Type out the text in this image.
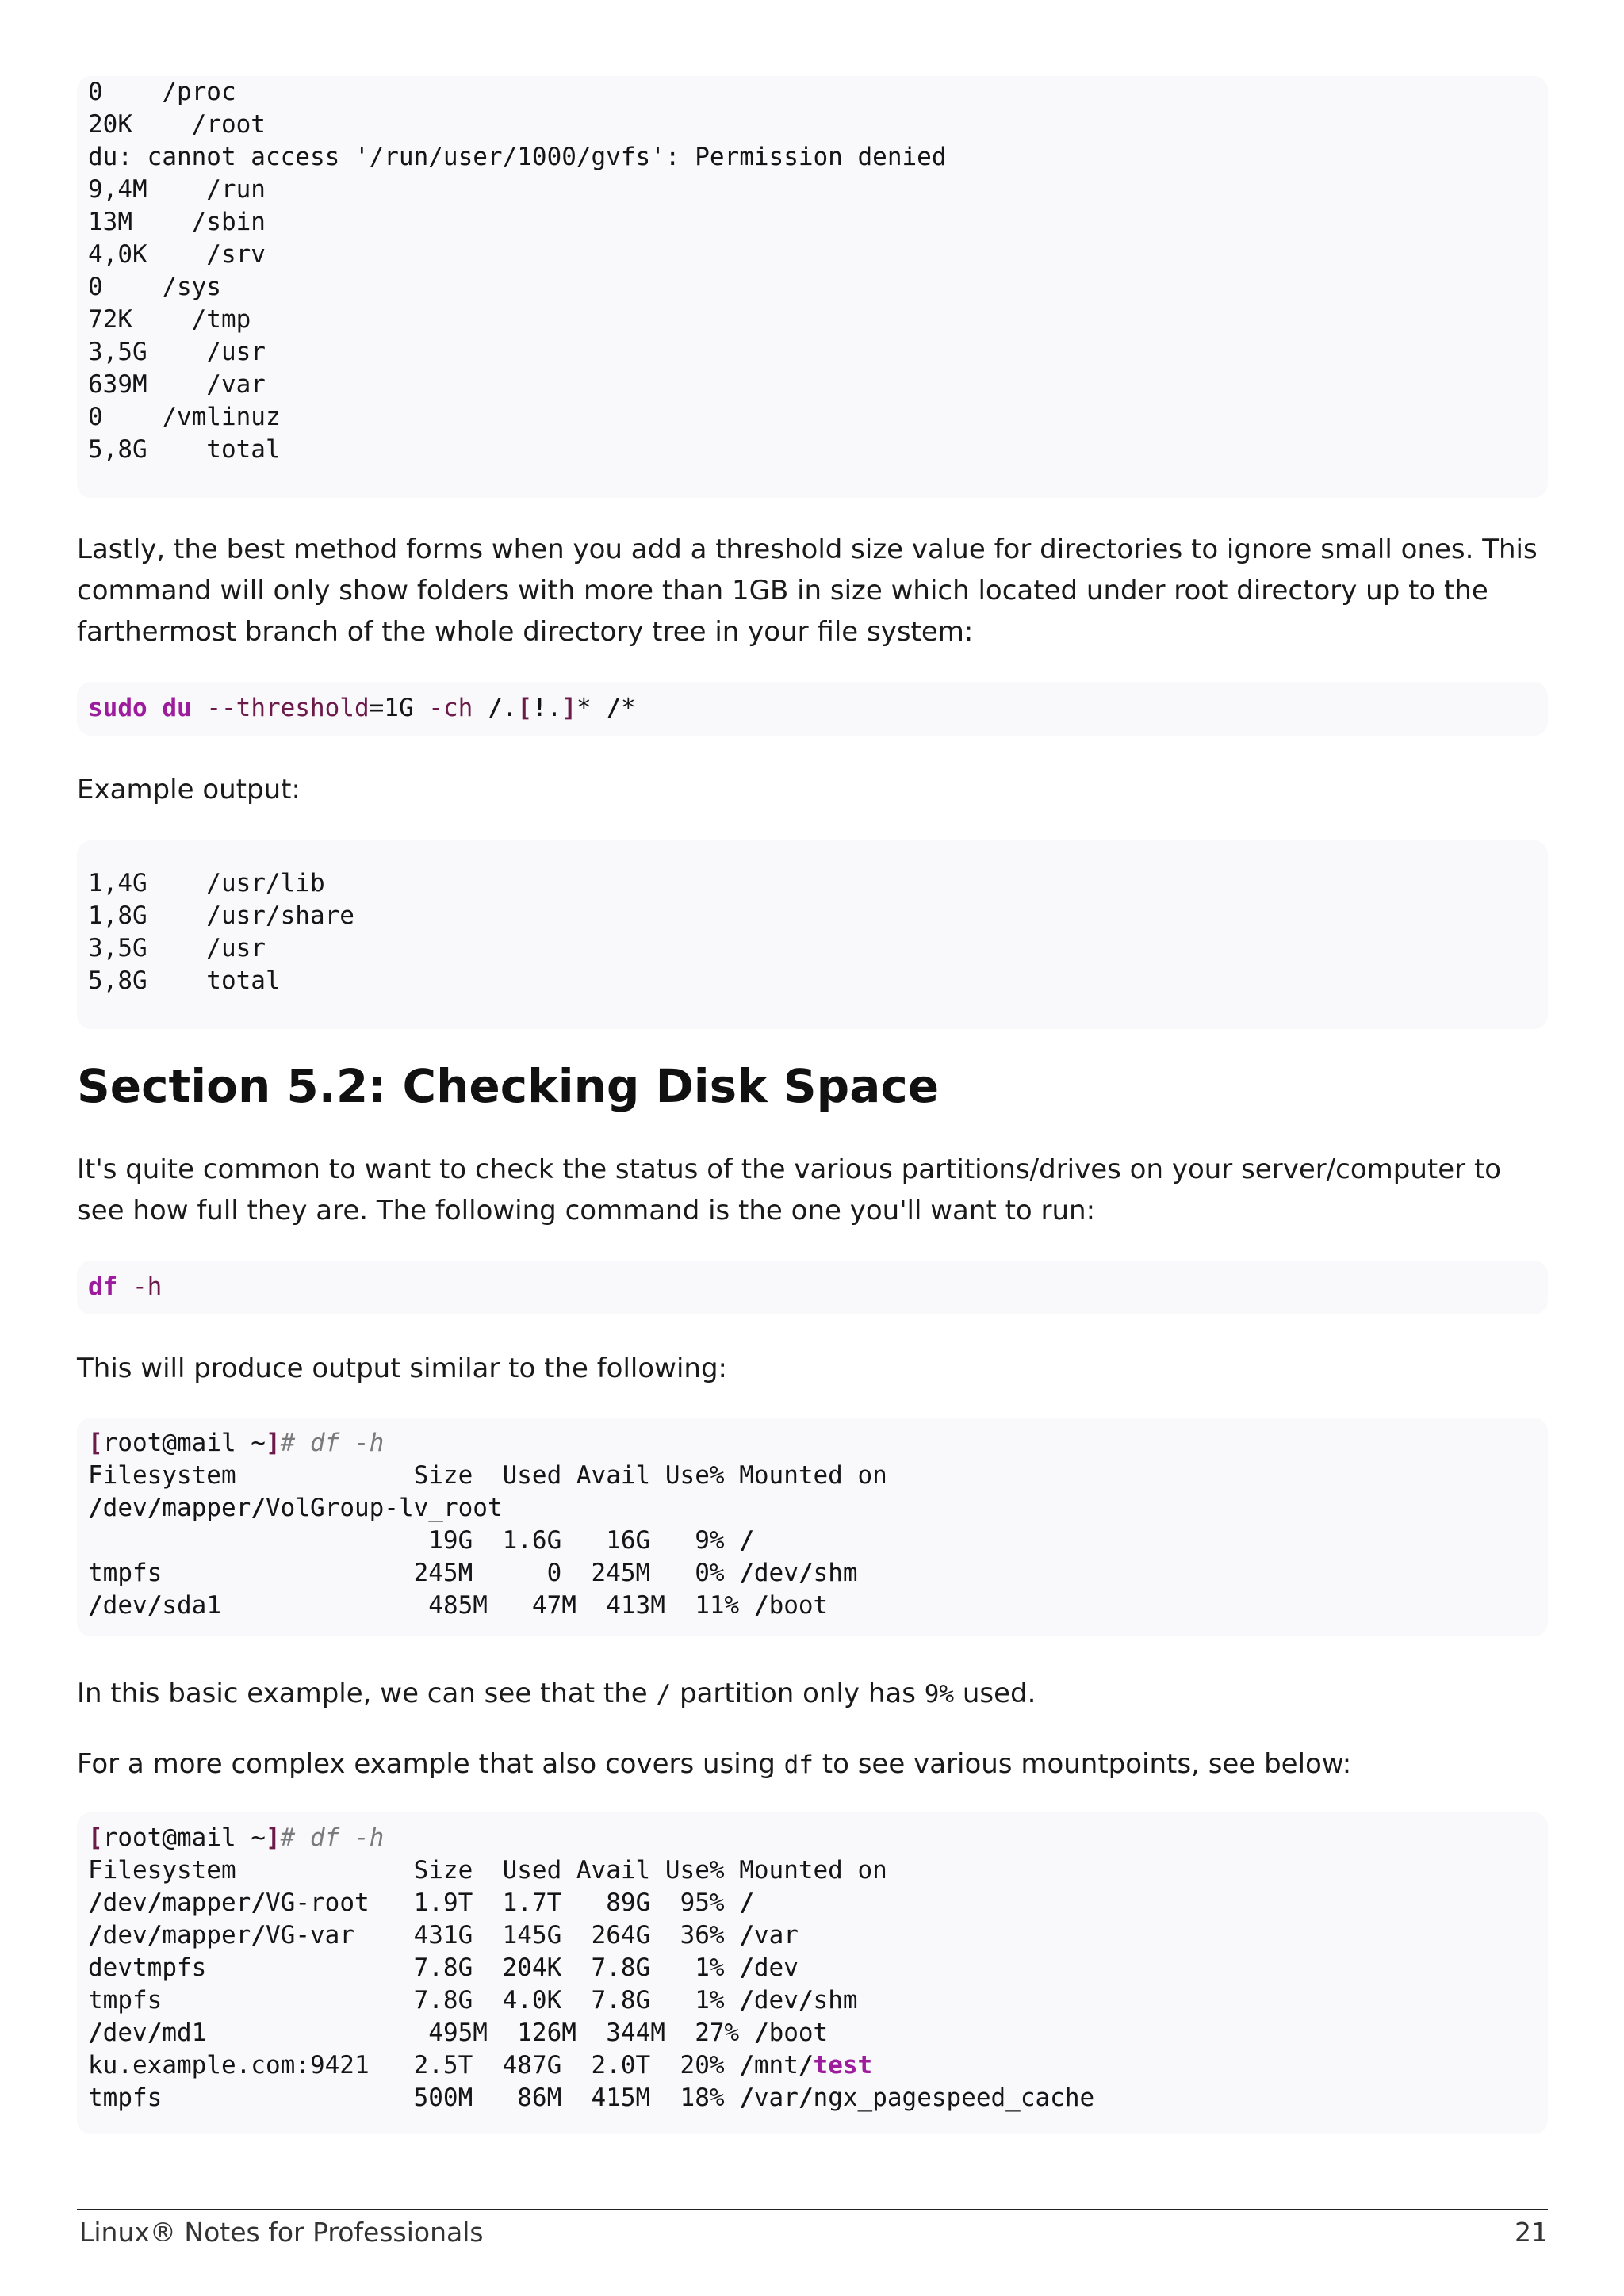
0    /proc
20K    /root
du: cannot access '/run/user/1000/gvfs': Permission denied
9,4M    /run
13M    /sbin
4,0K    /srv
0    /sys
72K    /tmp
3,5G    /usr
639M    /var
0    /vmlinuz
5,8G    total
Lastly, the best method forms when you add a threshold size value for directories to ignore small ones. This command will only show folders with more than 1GB in size which located under root directory up to the farthermost branch of the whole directory tree in your file system:
sudo du --threshold=1G -ch /.[!.]* /*
Example output:
1,4G    /usr/lib
1,8G    /usr/share
3,5G    /usr
5,8G    total
Section 5.2: Checking Disk Space
It's quite common to want to check the status of the various partitions/drives on your server/computer to see how full they are. The following command is the one you'll want to run:
df -h
This will produce output similar to the following:
[root@mail ~]# df -h
Filesystem            Size  Used Avail Use% Mounted on
/dev/mapper/VolGroup-lv_root
19G  1.6G   16G   9% /
tmpfs                 245M     0  245M   0% /dev/shm
/dev/sda1              485M   47M  413M  11% /boot
In this basic example, we can see that the / partition only has 9% used.
For a more complex example that also covers using df to see various mountpoints, see below:
[root@mail ~]# df -h
Filesystem            Size  Used Avail Use% Mounted on
/dev/mapper/VG-root   1.9T  1.7T   89G  95% /
/dev/mapper/VG-var    431G  145G  264G  36% /var
devtmpfs              7.8G  204K  7.8G   1% /dev
tmpfs                 7.8G  4.0K  7.8G   1% /dev/shm
/dev/md1               495M  126M  344M  27% /boot
ku.example.com:9421   2.5T  487G  2.0T  20% /mnt/test
tmpfs                 500M   86M  415M  18% /var/ngx_pagespeed_cache
Linux® Notes for Professionals	21
